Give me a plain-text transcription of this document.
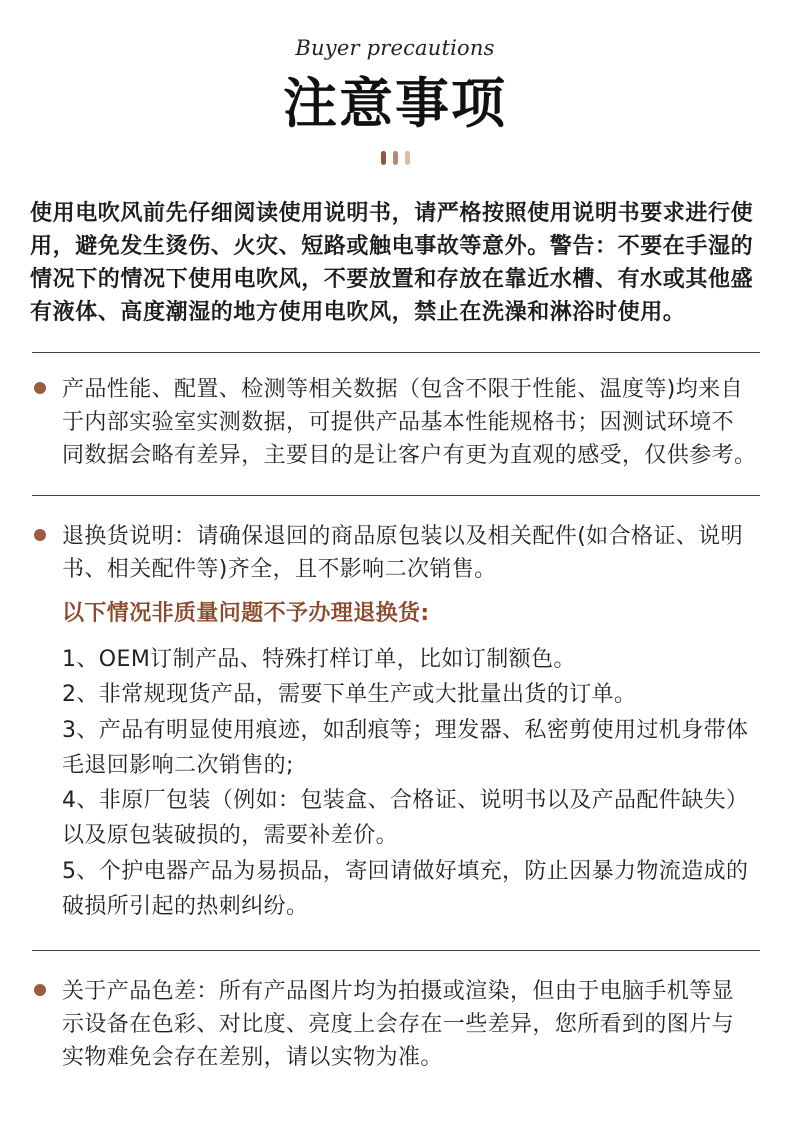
Buyer precautions
注意事项
使用电吹风前先仔细阅读使用说明书，请严格按照使用说明书要求进行使
用，避免发生烫伤、火灾、短路或触电事故等意外。警告：不要在手湿的
情况下的情况下使用电吹风，不要放置和存放在靠近水槽、有水或其他盛
有液体、高度潮湿的地方使用电吹风，禁止在洗澡和淋浴时使用。
产品性能、配置、检测等相关数据（包含不限于性能、温度等)均来自
于内部实验室实测数据，可提供产品基本性能规格书；因测试环境不
同数据会略有差异，主要目的是让客户有更为直观的感受，仅供参考。
退换货说明：请确保退回的商品原包装以及相关配件(如合格证、说明
书、相关配件等)齐全，且不影响二次销售。
以下情况非质量问题不予办理退换货:
1、OEM订制产品、特殊打样订单，比如订制额色。
2、非常规现货产品，需要下单生产或大批量出货的订单。
3、产品有明显使用痕迹，如刮痕等；理发器、私密剪使用过机身带体
毛退回影响二次销售的;
4、非原厂包装（例如：包装盒、合格证、说明书以及产品配件缺失）
以及原包装破损的，需要补差价。
5、个护电器产品为易损品，寄回请做好填充，防止因暴力物流造成的
破损所引起的热刺纠纷。
关于产品色差：所有产品图片均为拍摄或渲染，但由于电脑手机等显
示设备在色彩、对比度、亮度上会存在一些差异，您所看到的图片与
实物难免会存在差别，请以实物为准。
